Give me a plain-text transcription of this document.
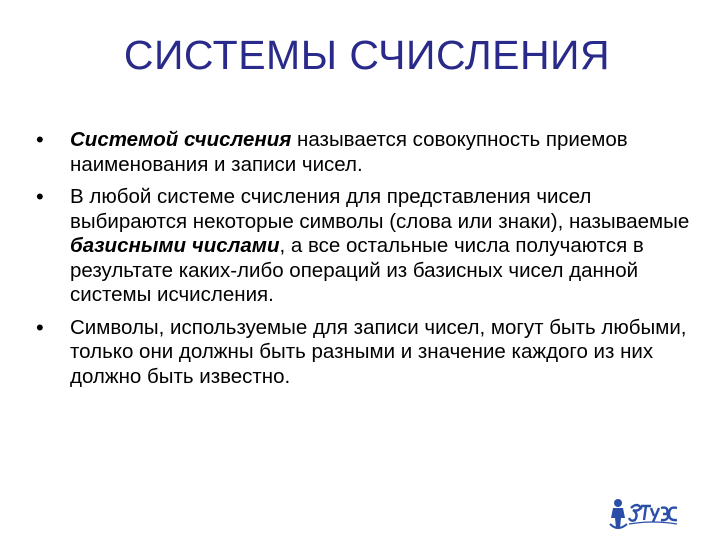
СИСТЕМЫ СЧИСЛЕНИЯ
•	Системой счисления называется совокупность приемов наименования и записи чисел.
•	В любой системе счисления для представления чисел выбираются некоторые символы (слова или знаки), называемые базисными числами, а все остальные числа получаются в результате каких-либо операций из базисных чисел данной системы исчисления.
•	Символы, используемые для записи чисел, могут быть любыми, только они должны быть разными и значение каждого из них должно быть известно.
